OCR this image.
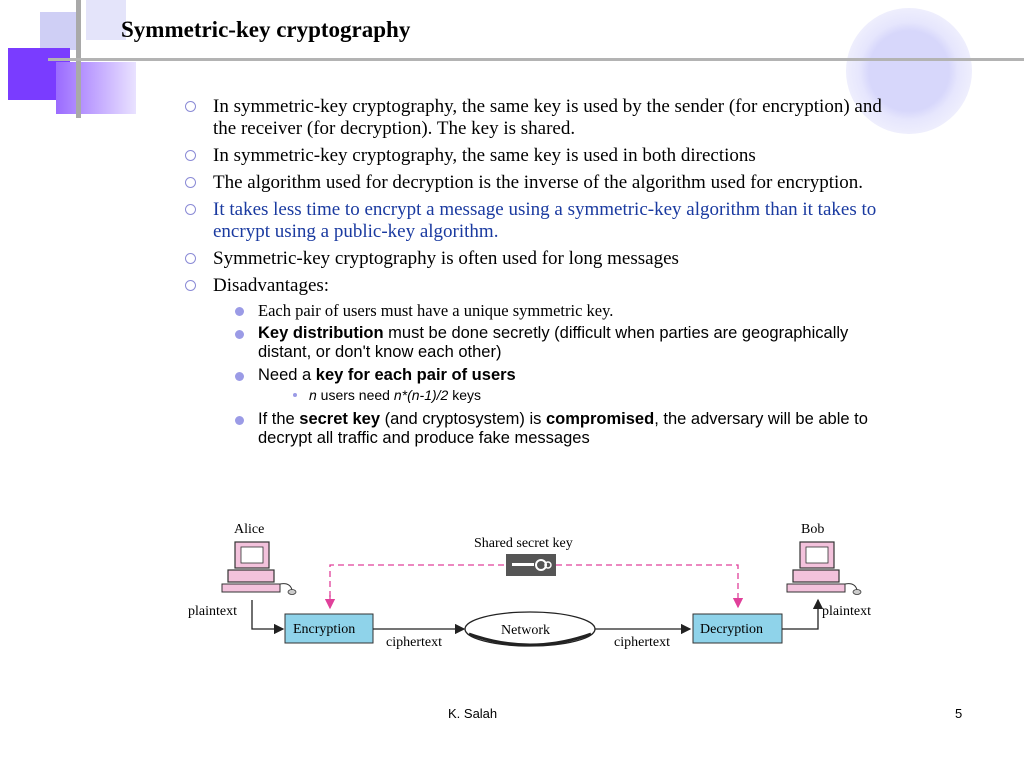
Symmetric-key cryptography
In symmetric-key cryptography, the same key is used by the sender (for encryption) and the receiver (for decryption). The key is shared.
In symmetric-key cryptography, the same key is used in both directions
The algorithm used for decryption is the inverse of the algorithm used for encryption.
It takes less time to encrypt a message using a symmetric-key algorithm than it takes to encrypt using a public-key algorithm.
Symmetric-key cryptography is often used for long messages
Disadvantages:
Each pair of users must have a unique symmetric key.
Key distribution must be done secretly (difficult when parties are geographically distant, or don't know each other)
Need a key for each pair of users
n users need n*(n-1)/2 keys
If the secret key (and cryptosystem) is compromised, the adversary will be able to decrypt all traffic and produce fake messages
Alice	Bob
Shared secret key
plaintext
Encryption
ciphertext
Network
ciphertext
Decryption
plaintext
K. Salah	5
